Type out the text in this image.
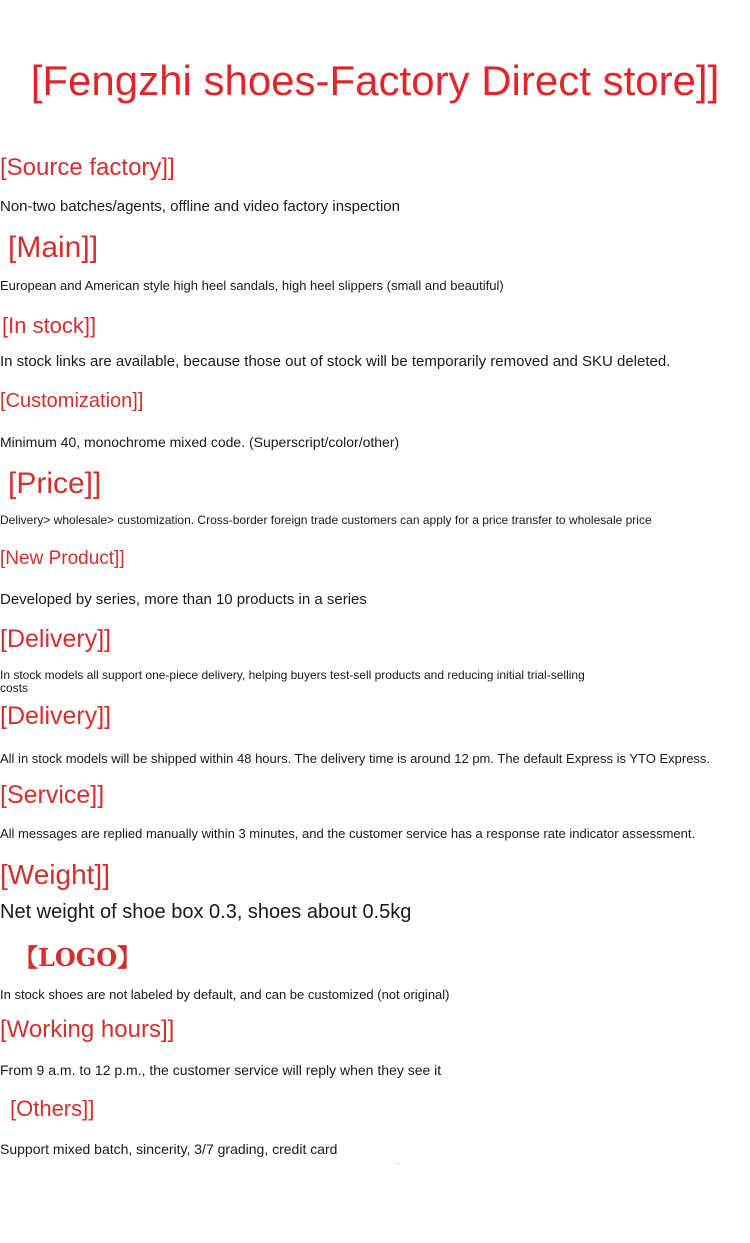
[Fengzhi shoes-Factory Direct store]]
[Source factory]]
Non-two batches/agents, offline and video factory inspection
[Main]]
European and American style high heel sandals, high heel slippers (small and beautiful)
[In stock]]
In stock links are available, because those out of stock will be temporarily removed and SKU deleted.
[Customization]]
Minimum 40, monochrome mixed code. (Superscript/color/other)
[Price]]
Delivery> wholesale> customization. Cross-border foreign trade customers can apply for a price transfer to wholesale price
[New Product]]
Developed by series, more than 10 products in a series
[Delivery]]
In stock models all support one-piece delivery, helping buyers test-sell products and reducing initial trial-selling
costs
[Delivery]]
All in stock models will be shipped within 48 hours. The delivery time is around 12 pm. The default Express is YTO Express.
[Service]]
All messages are replied manually within 3 minutes, and the customer service has a response rate indicator assessment.
[Weight]]
Net weight of shoe box 0.3, shoes about 0.5kg
【LOGO】
In stock shoes are not labeled by default, and can be customized (not original)
[Working hours]]
From 9 a.m. to 12 p.m., the customer service will reply when they see it
[Others]]
Support mixed batch, sincerity, 3/7 grading, credit card
....
